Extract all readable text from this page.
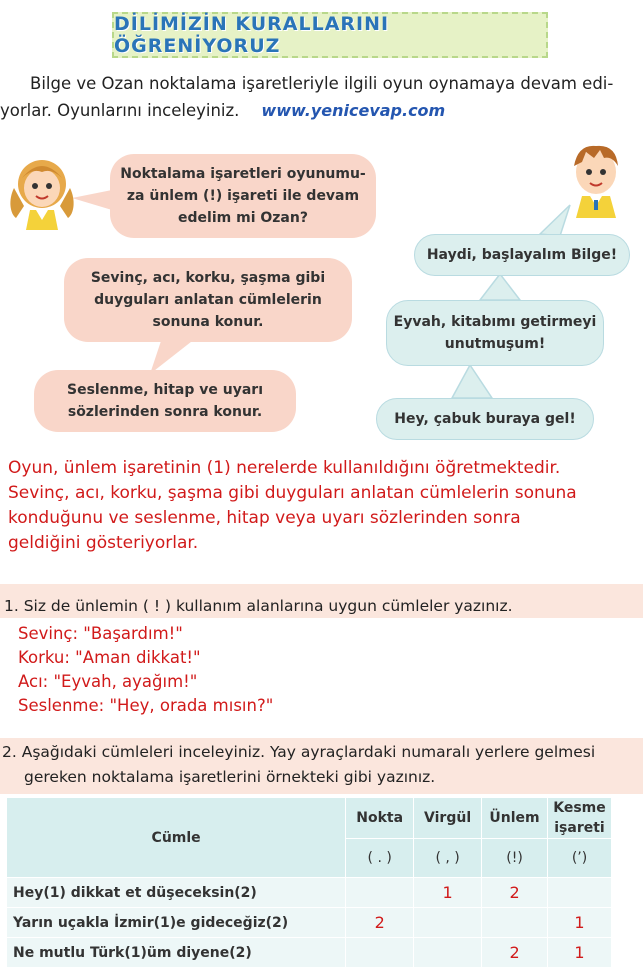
DİLİMİZİN KURALLARINI ÖĞRENİYORUZ
Bilge ve Ozan noktalama işaretleriyle ilgili oyun oynamaya devam edi-
yorlar. Oyunlarını inceleyiniz. www.yenicevap.com
Noktalama işaretleri oyunumu-
za ünlem (!) işareti ile devam
edelim mi Ozan?
Sevinç, acı, korku, şaşma gibi
duyguları anlatan cümlelerin
sonuna konur.
Seslenme, hitap ve uyarı
sözlerinden sonra konur.
Haydi, başlayalım Bilge!
Eyvah, kitabımı getirmeyi
unutmuşum!
Hey, çabuk buraya gel!
Oyun, ünlem işaretinin (1) nerelerde kullanıldığını öğretmektedir.
Sevinç, acı, korku, şaşma gibi duyguları anlatan cümlelerin sonuna
konduğunu ve seslenme, hitap veya uyarı sözlerinden sonra
geldiğini gösteriyorlar.
1. Siz de ünlemin ( ! ) kullanım alanlarına uygun cümleler yazınız.
Sevinç: "Başardım!"
Korku: "Aman dikkat!"
Acı: "Eyvah, ayağım!"
Seslenme: "Hey, orada mısın?"
2. Aşağıdaki cümleleri inceleyiniz. Yay ayraçlardaki numaralı yerlere gelmesi
gereken noktalama işaretlerini örnekteki gibi yazınız.
Cümle	Nokta	Virgül	Ünlem	Kesme işareti
	( . )	( , )	(!)	(’)
Hey(1) dikkat et düşeceksin(2)		1	2	
Yarın uçakla İzmir(1)e gideceğiz(2)	2			1
Ne mutlu Türk(1)üm diyene(2)			2	1
